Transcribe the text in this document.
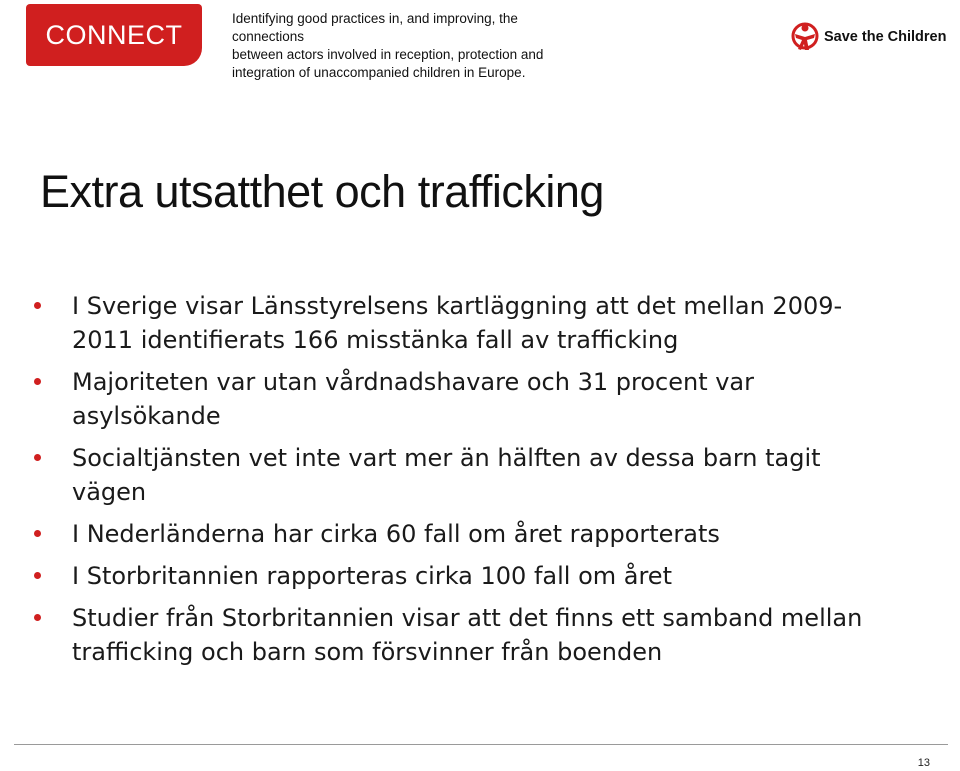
CONNECT
Identifying good practices in, and improving, the connections
between actors involved in reception, protection and
integration of unaccompanied children in Europe.
Save the Children
Extra utsatthet och trafficking
I Sverige visar Länsstyrelsens kartläggning att det mellan 2009-2011 identifierats 166 misstänka fall av trafficking
Majoriteten var utan vårdnadshavare och 31 procent var asylsökande
Socialtjänsten vet inte vart mer än hälften av dessa barn tagit vägen
I Nederländerna har cirka 60 fall om året rapporterats
I Storbritannien rapporteras cirka 100 fall om året
Studier från Storbritannien visar att det finns ett samband mellan trafficking och barn som försvinner från boenden
13
